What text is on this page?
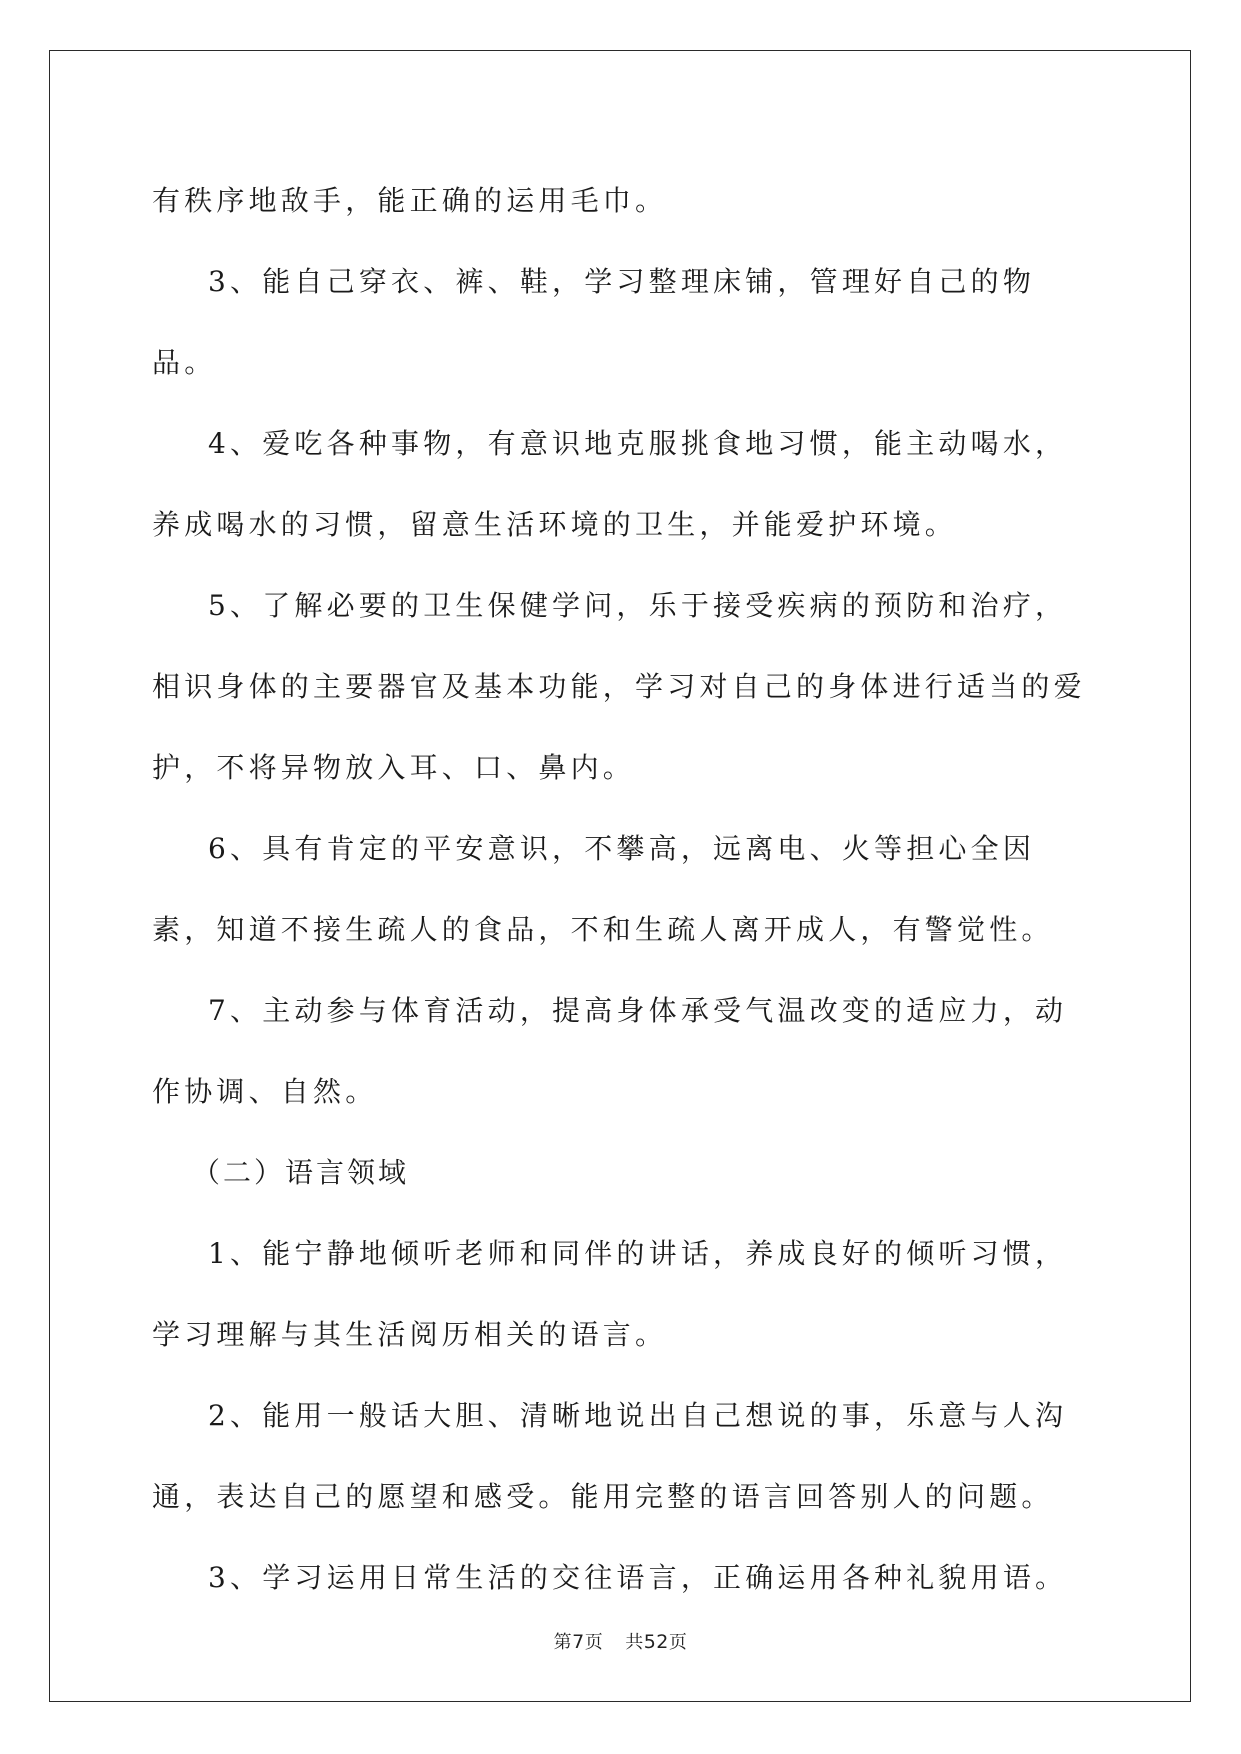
有秩序地敌手，能正确的运用毛巾。

3、能自己穿衣、裤、鞋，学习整理床铺，管理好自己的物品。

4、爱吃各种事物，有意识地克服挑食地习惯，能主动喝水，养成喝水的习惯，留意生活环境的卫生，并能爱护环境。

5、了解必要的卫生保健学问，乐于接受疾病的预防和治疗，相识身体的主要器官及基本功能，学习对自己的身体进行适当的爱护，不将异物放入耳、口、鼻内。

6、具有肯定的平安意识，不攀高，远离电、火等担心全因素，知道不接生疏人的食品，不和生疏人离开成人，有警觉性。

7、主动参与体育活动，提高身体承受气温改变的适应力，动作协调、自然。

（二）语言领域

1、能宁静地倾听老师和同伴的讲话，养成良好的倾听习惯，学习理解与其生活阅历相关的语言。

2、能用一般话大胆、清晰地说出自己想说的事，乐意与人沟通，表达自己的愿望和感受。能用完整的语言回答别人的问题。

3、学习运用日常生活的交往语言，正确运用各种礼貌用语。

第7页 共52页
